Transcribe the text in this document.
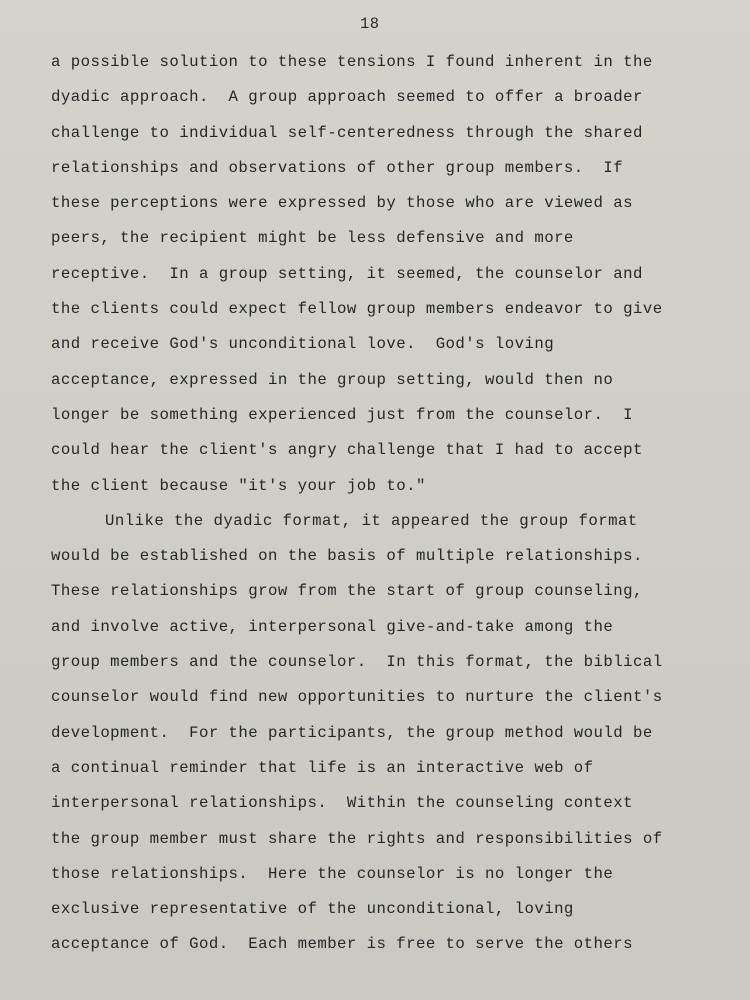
18
a possible solution to these tensions I found inherent in the
dyadic approach.  A group approach seemed to offer a broader
challenge to individual self-centeredness through the shared
relationships and observations of other group members.  If
these perceptions were expressed by those who are viewed as
peers, the recipient might be less defensive and more
receptive.  In a group setting, it seemed, the counselor and
the clients could expect fellow group members endeavor to give
and receive God's unconditional love.  God's loving
acceptance, expressed in the group setting, would then no
longer be something experienced just from the counselor.  I
could hear the client's angry challenge that I had to accept
the client because "it's your job to."
Unlike the dyadic format, it appeared the group format
would be established on the basis of multiple relationships.
These relationships grow from the start of group counseling,
and involve active, interpersonal give-and-take among the
group members and the counselor.  In this format, the biblical
counselor would find new opportunities to nurture the client's
development.  For the participants, the group method would be
a continual reminder that life is an interactive web of
interpersonal relationships.  Within the counseling context
the group member must share the rights and responsibilities of
those relationships.  Here the counselor is no longer the
exclusive representative of the unconditional, loving
acceptance of God.  Each member is free to serve the others
